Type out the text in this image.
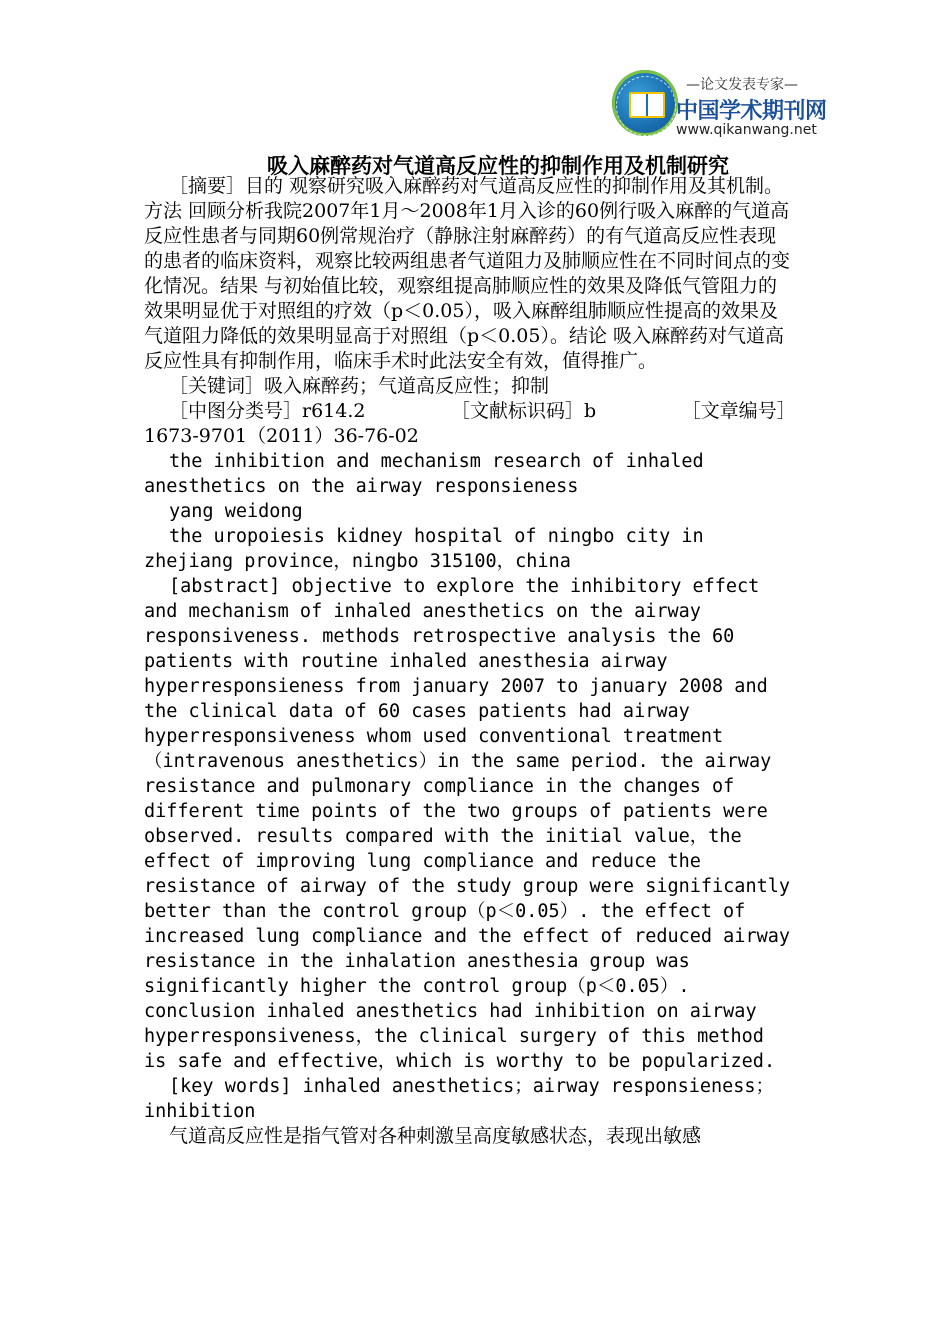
—论文发表专家—
中国学术期刊网
www.qikanwang.net
吸入麻醉药对气道高反应性的抑制作用及机制研究

［摘要］目的 观察研究吸入麻醉药对气道高反应性的抑制作用及其机制。 方法 回顾分析我院2007年1月～2008年1月入诊的60例行吸入麻醉的气道高反应性患者与同期60例常规治疗（静脉注射麻醉药）的有气道高反应性表现的患者的临床资料，观察比较两组患者气道阻力及肺顺应性在不同时间点的变化情况。结果 与初始值比较，观察组提高肺顺应性的效果及降低气管阻力的效果明显优于对照组的疗效（p＜0.05），吸入麻醉组肺顺应性提高的效果及气道阻力降低的效果明显高于对照组（p＜0.05）。结论 吸入麻醉药对气道高反应性具有抑制作用，临床手术时此法安全有效，值得推广。

［关键词］吸入麻醉药；气道高反应性；抑制

［中图分类号］r614.2　　　　　［文献标识码］b　　　　　［文章编号］1673-9701（2011）36-76-02

the inhibition and mechanism research of inhaled anesthetics on the airway responsieness

yang weidong

the uropoiesis kidney hospital of ningbo city in zhejiang province，ningbo 315100，china

[abstract] objective to explore the inhibitory effect and mechanism of inhaled anesthetics on the airway responsiveness. methods retrospective analysis the 60 patients with routine inhaled anesthesia airway hyperresponsieness from january 2007 to january 2008 and the clinical data of 60 cases patients had airway hyperresponsiveness whom used conventional treatment（intravenous anesthetics）in the same period. the airway resistance and pulmonary compliance in the changes of different time points of the two groups of patients were observed. results compared with the initial value，the effect of improving lung compliance and reduce the resistance of airway of the study group were significantly better than the control group（p＜0.05）. the effect of increased lung compliance and the effect of reduced airway resistance in the inhalation anesthesia group was significantly higher the control group（p＜0.05）. conclusion inhaled anesthetics had inhibition on airway hyperresponsiveness，the clinical surgery of this method is safe and effective，which is worthy to be popularized.

[key words] inhaled anesthetics；airway responsieness；inhibition

气道高反应性是指气管对各种刺激呈高度敏感状态，表现出敏感
